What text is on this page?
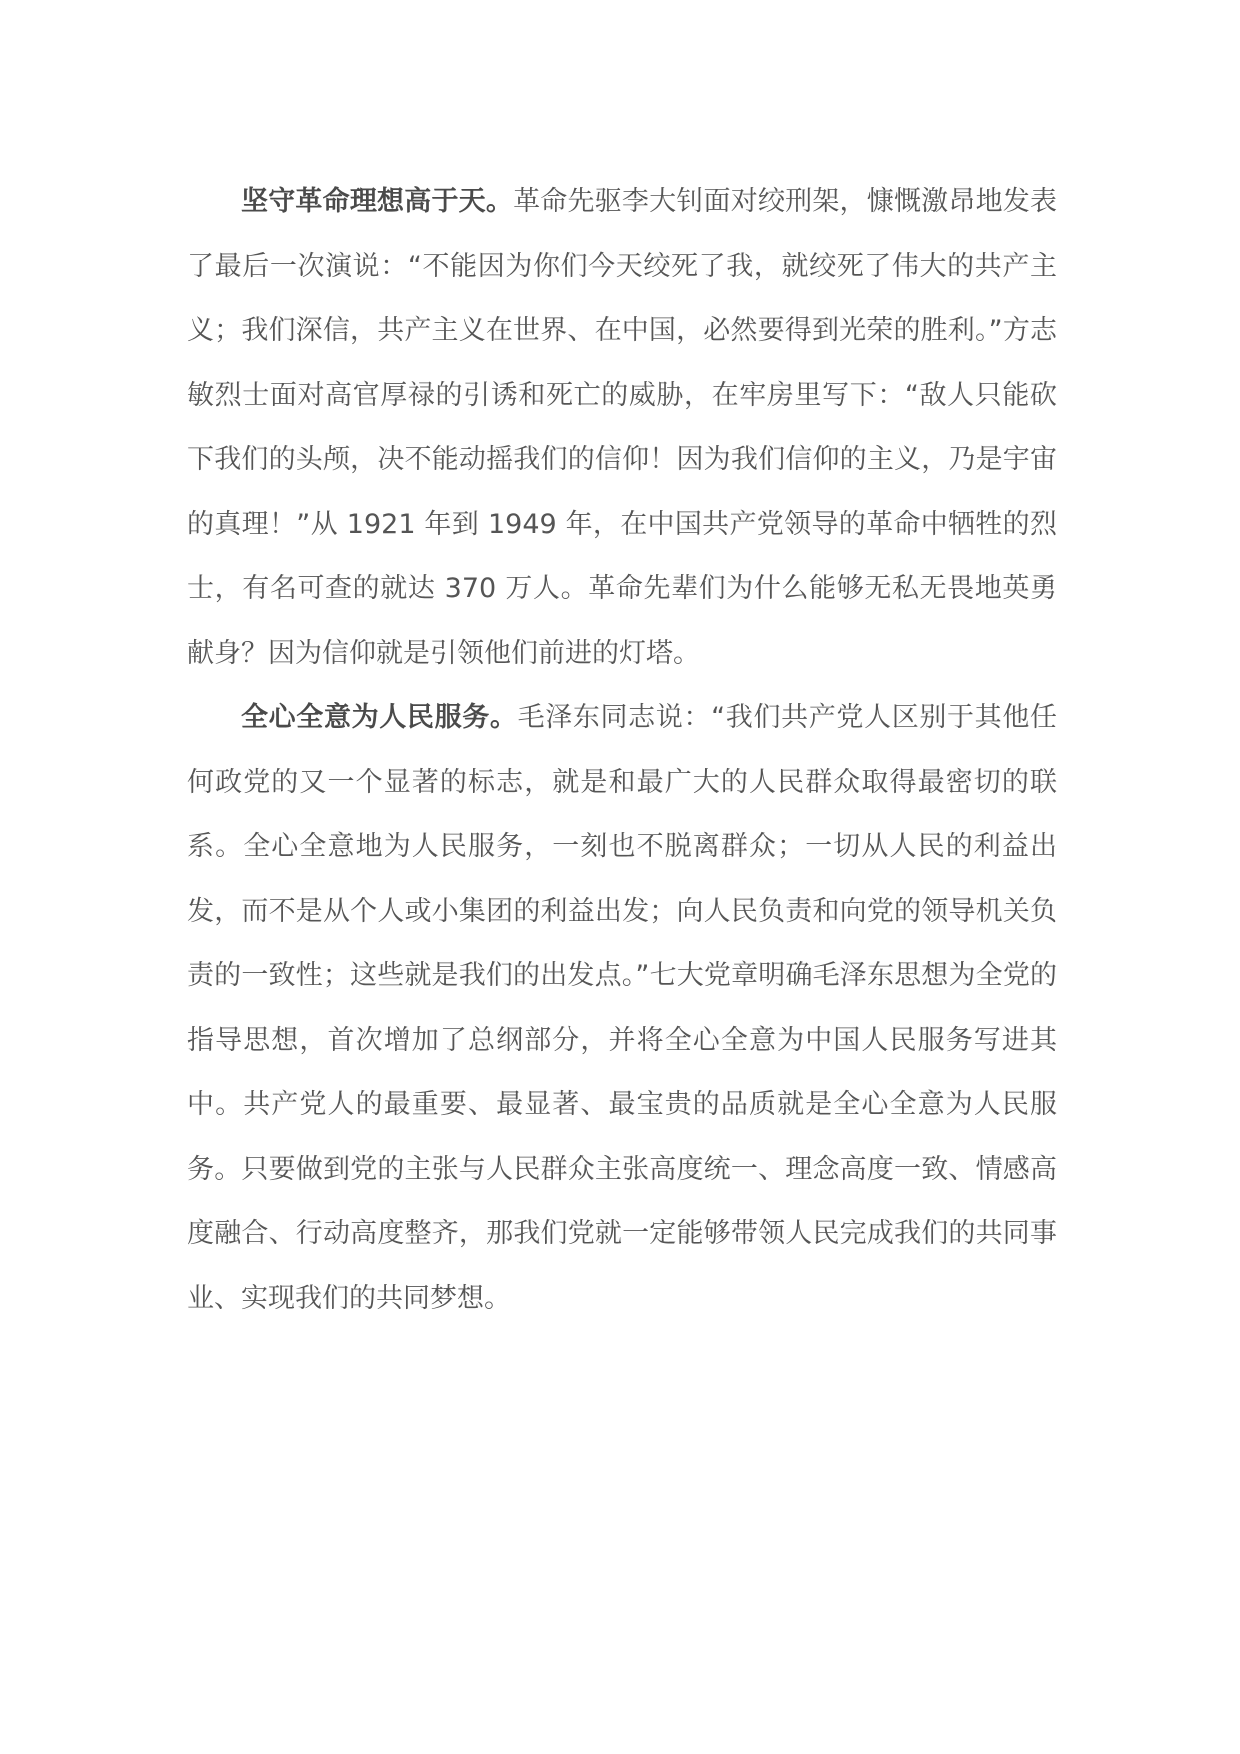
坚守革命理想高于天。革命先驱李大钊面对绞刑架，慷慨激昂地发表了最后一次演说：“不能因为你们今天绞死了我，就绞死了伟大的共产主义；我们深信，共产主义在世界、在中国，必然要得到光荣的胜利。”方志敏烈士面对高官厚禄的引诱和死亡的威胁，在牢房里写下：“敌人只能砍下我们的头颅，决不能动摇我们的信仰！因为我们信仰的主义，乃是宇宙的真理！”从 1921 年到 1949 年，在中国共产党领导的革命中牺牲的烈士，有名可查的就达 370 万人。革命先辈们为什么能够无私无畏地英勇献身？因为信仰就是引领他们前进的灯塔。

全心全意为人民服务。毛泽东同志说：“我们共产党人区别于其他任何政党的又一个显著的标志，就是和最广大的人民群众取得最密切的联系。全心全意地为人民服务，一刻也不脱离群众；一切从人民的利益出发，而不是从个人或小集团的利益出发；向人民负责和向党的领导机关负责的一致性；这些就是我们的出发点。”七大党章明确毛泽东思想为全党的指导思想，首次增加了总纲部分，并将全心全意为中国人民服务写进其中。共产党人的最重要、最显著、最宝贵的品质就是全心全意为人民服务。只要做到党的主张与人民群众主张高度统一、理念高度一致、情感高度融合、行动高度整齐，那我们党就一定能够带领人民完成我们的共同事业、实现我们的共同梦想。
